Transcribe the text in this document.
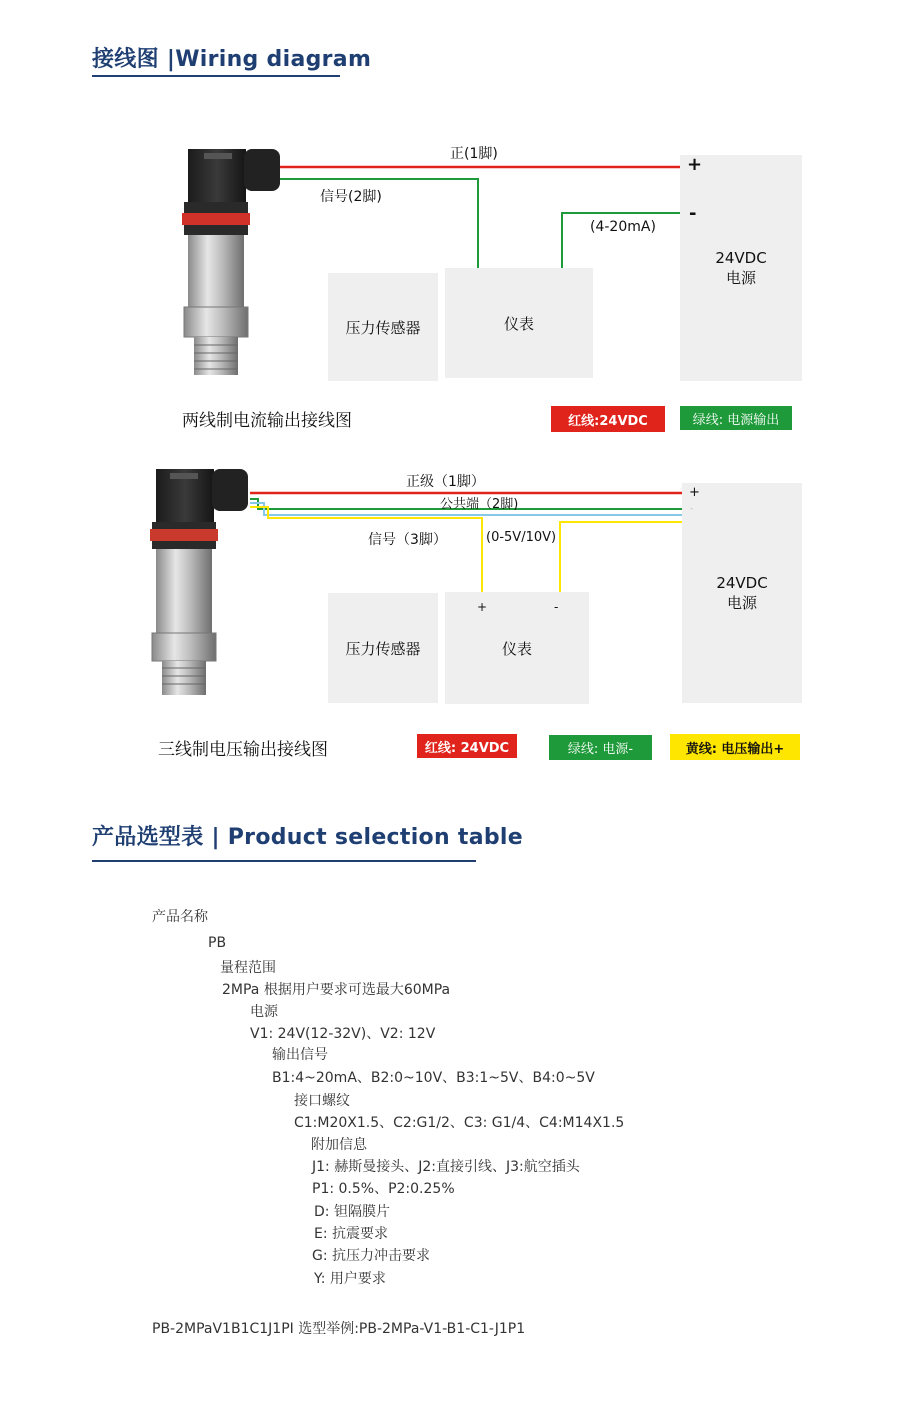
接线图 |Wiring diagram
正(1脚)
信号(2脚)
(4-20mA)
压力传感器	仪表
24VDC
电源
+
-
两线制电流输出接线图	红线:24VDC	绿线: 电源输出
正级（1脚）
公共端（2脚)
信号（3脚）	(0-5V/10V)
压力传感器	仪表
+	-
24VDC
电源
+
-
三线制电压输出接线图	红线: 24VDC	绿线: 电源-	黄线: 电压输出+
产品选型表 | Product selection table
产品名称
PB
量程范围
2MPa 根据用户要求可选最大60MPa
电源
V1: 24V(12-32V)、V2: 12V
输出信号
B1:4~20mA、B2:0~10V、B3:1~5V、B4:0~5V
接口螺纹
C1:M20X1.5、C2:G1/2、C3: G1/4、C4:M14X1.5
附加信息
J1: 赫斯曼接头、J2:直接引线、J3:航空插头
P1: 0.5%、P2:0.25%
D: 钽隔膜片
E: 抗震要求
G: 抗压力冲击要求
Y: 用户要求
PB-2MPaV1B1C1J1PI 选型举例:PB-2MPa-V1-B1-C1-J1P1
